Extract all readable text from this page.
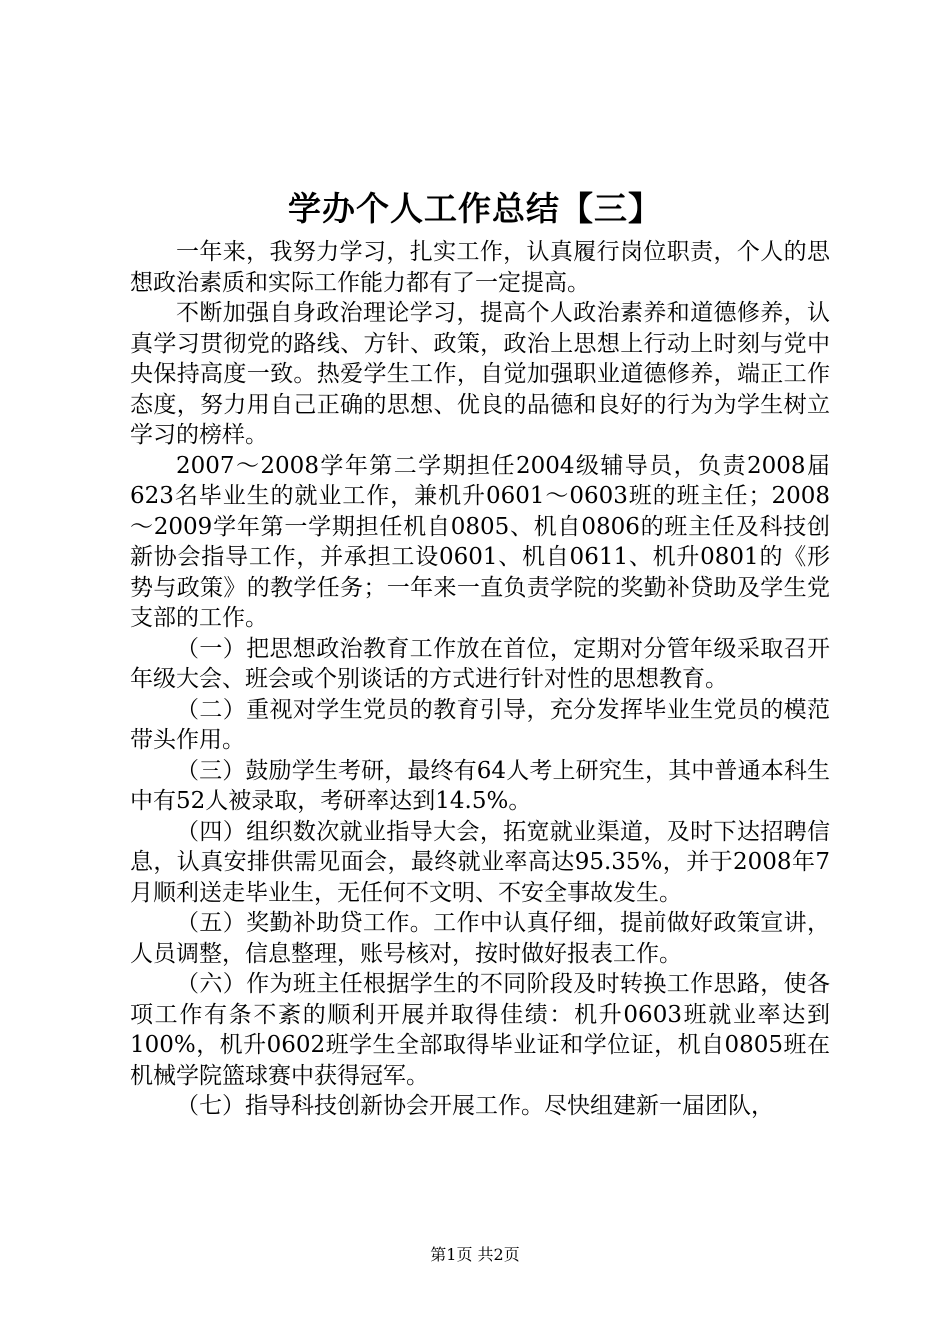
学办个人工作总结【三】

一年来，我努力学习，扎实工作，认真履行岗位职责，个人的思想政治素质和实际工作能力都有了一定提高。

不断加强自身政治理论学习，提高个人政治素养和道德修养，认真学习贯彻党的路线、方针、政策，政治上思想上行动上时刻与党中央保持高度一致。热爱学生工作，自觉加强职业道德修养，端正工作态度，努力用自己正确的思想、优良的品德和良好的行为为学生树立学习的榜样。

2007～2008学年第二学期担任2004级辅导员，负责2008届623名毕业生的就业工作，兼机升0601～0603班的班主任；2008～2009学年第一学期担任机自0805、机自0806的班主任及科技创新协会指导工作，并承担工设0601、机自0611、机升0801的《形势与政策》的教学任务；一年来一直负责学院的奖勤补贷助及学生党支部的工作。

（一）把思想政治教育工作放在首位，定期对分管年级采取召开年级大会、班会或个别谈话的方式进行针对性的思想教育。

（二）重视对学生党员的教育引导，充分发挥毕业生党员的模范带头作用。

（三）鼓励学生考研，最终有64人考上研究生，其中普通本科生中有52人被录取，考研率达到14.5%。

（四）组织数次就业指导大会，拓宽就业渠道，及时下达招聘信息，认真安排供需见面会，最终就业率高达95.35%，并于2008年7月顺利送走毕业生，无任何不文明、不安全事故发生。

（五）奖勤补助贷工作。工作中认真仔细，提前做好政策宣讲，人员调整，信息整理，账号核对，按时做好报表工作。

（六）作为班主任根据学生的不同阶段及时转换工作思路，使各项工作有条不紊的顺利开展并取得佳绩：机升0603班就业率达到100%，机升0602班学生全部取得毕业证和学位证，机自0805班在机械学院篮球赛中获得冠军。

（七）指导科技创新协会开展工作。尽快组建新一届团队，

第1页 共2页
